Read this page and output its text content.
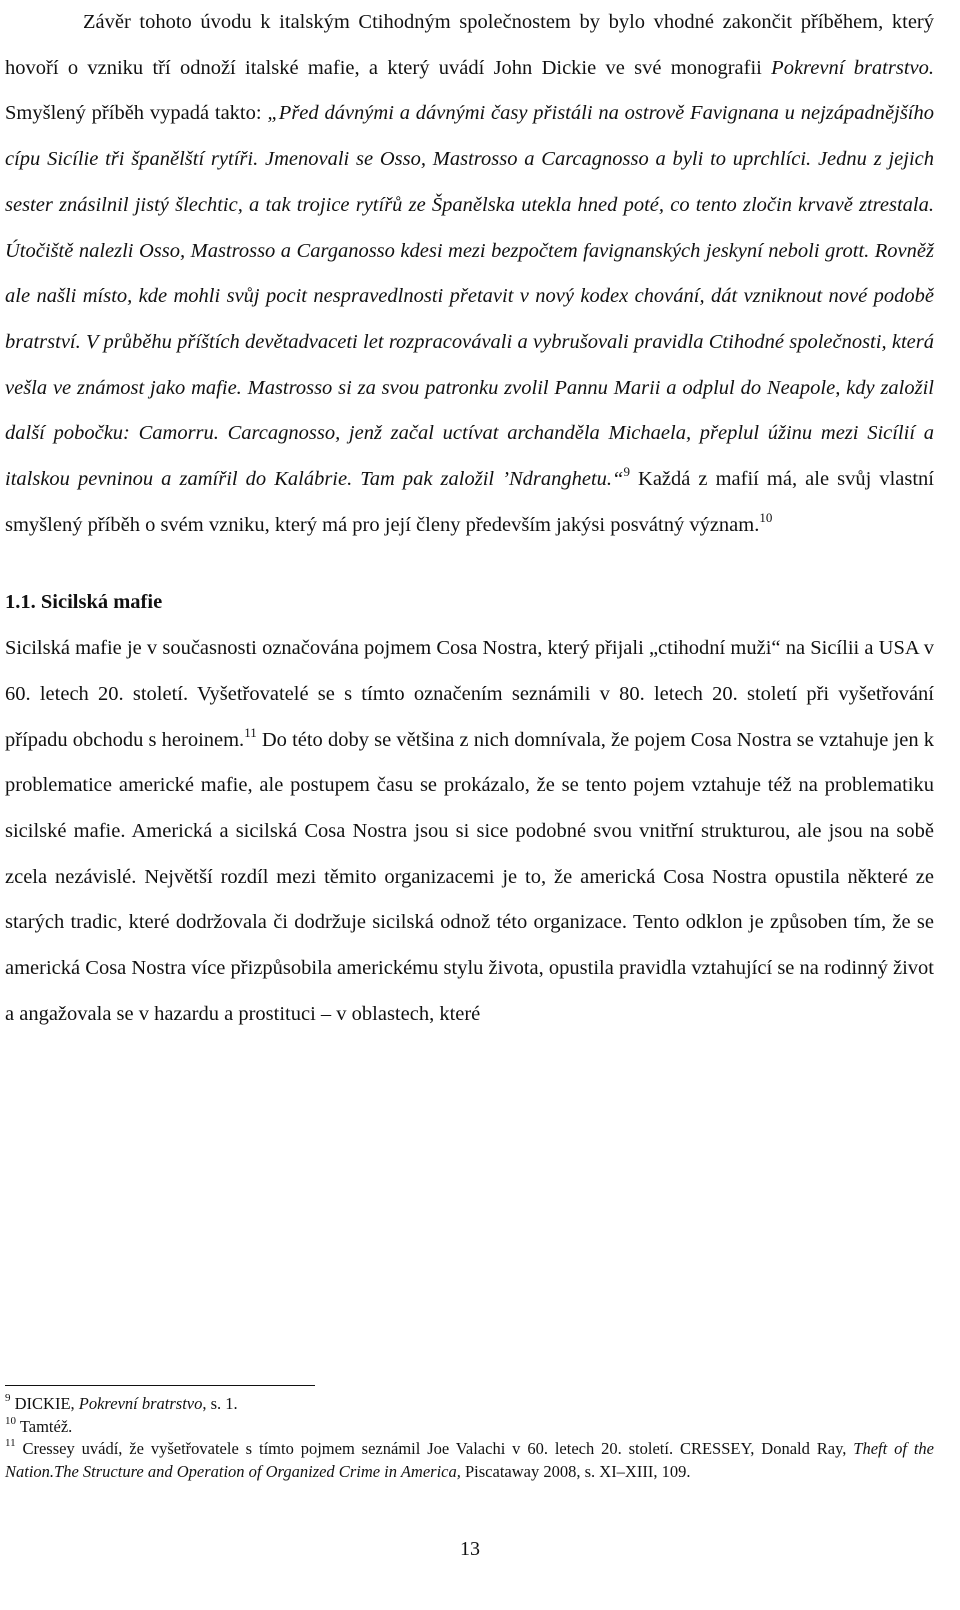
Závěr tohoto úvodu k italským Ctihodným společnostem by bylo vhodné zakončit příběhem, který hovoří o vzniku tří odnoží italské mafie, a který uvádí John Dickie ve své monografii Pokrevní bratrstvo. Smyšlený příběh vypadá takto: „Před dávnými a dávnými časy přistáli na ostrově Favignana u nejzápadnějšího cípu Sicílie tři španělští rytíři. Jmenovali se Osso, Mastrosso a Carcagnosso a byli to uprchlíci. Jednu z jejich sester znásilnil jistý šlechtic, a tak trojice rytířů ze Španělska utekla hned poté, co tento zločin krvavě ztrestala. Útočiště nalezli Osso, Mastrosso a Carganosso kdesi mezi bezpočtem favignanských jeskyní neboli grott. Rovněž ale našli místo, kde mohli svůj pocit nespravedlnosti přetavit v nový kodex chování, dát vzniknout nové podobě bratrství. V průběhu příštích devětadvaceti let rozpracovávali a vybrušovali pravidla Ctihodné společnosti, která vešla ve známost jako mafie. Mastrosso si za svou patronku zvolil Pannu Marii a odplul do Neapole, kdy založil další pobočku: Camorru. Carcagnosso, jenž začal uctívat archanděla Michaela, přeplul úžinu mezi Sicílií a italskou pevninou a zamířil do Kalábrie. Tam pak založil ’Ndranghetu.“$^9$ Každá z mafií má, ale svůj vlastní smyšlený příběh o svém vzniku, který má pro její členy především jakýsi posvátný význam.$^{10}$

1.1. Sicilská mafie

Sicilská mafie je v současnosti označována pojmem Cosa Nostra, který přijali „ctihodní muži“ na Sicílii a USA v 60. letech 20. století. Vyšetřovatelé se s tímto označením seznámili v 80. letech 20. století při vyšetřování případu obchodu s heroinem.$^{11}$ Do této doby se většina z nich domnívala, že pojem Cosa Nostra se vztahuje jen k problematice americké mafie, ale postupem času se prokázalo, že se tento pojem vztahuje též na problematiku sicilské mafie. Americká a sicilská Cosa Nostra jsou si sice podobné svou vnitřní strukturou, ale jsou na sobě zcela nezávislé. Největší rozdíl mezi těmito organizacemi je to, že americká Cosa Nostra opustila některé ze starých tradic, které dodržovala či dodržuje sicilská odnož této organizace. Tento odklon je způsoben tím, že se americká Cosa Nostra více přizpůsobila americkému stylu života, opustila pravidla vztahující se na rodinný život a angažovala se v hazardu a prostituci – v oblastech, které

$^9$ DICKIE, Pokrevní bratrstvo, s. 1.

$^{10}$ Tamtéž.

$^{11}$ Cressey uvádí, že vyšetřovatele s tímto pojmem seznámil Joe Valachi v 60. letech 20. století. CRESSEY, Donald Ray, Theft of the Nation.The Structure and Operation of Organized Crime in America, Piscataway 2008, s. XI–XIII, 109.

13
